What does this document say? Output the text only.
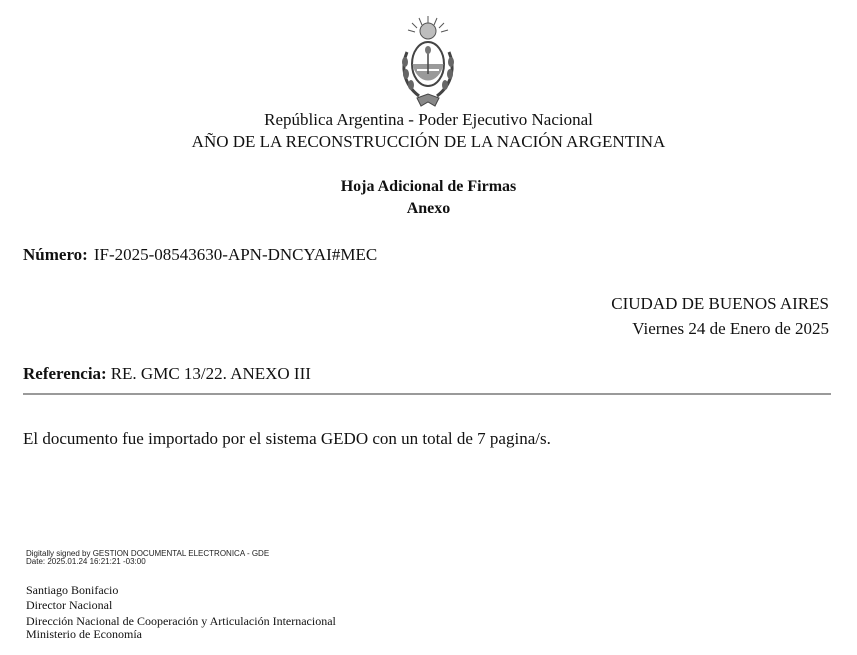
República Argentina - Poder Ejecutivo Nacional
AÑO DE LA RECONSTRUCCIÓN DE LA NACIÓN ARGENTINA
Hoja Adicional de Firmas
Anexo
Número: IF-2025-08543630-APN-DNCYAI#MEC
CIUDAD DE BUENOS AIRES
Viernes 24 de Enero de 2025
Referencia: RE. GMC 13/22. ANEXO III
El documento fue importado por el sistema GEDO con un total de 7 pagina/s.
Digitally signed by GESTION DOCUMENTAL ELECTRONICA - GDE
Date: 2025.01.24 16:21:21 -03:00
Santiago Bonifacio
Director Nacional
Dirección Nacional de Cooperación y Articulación Internacional
Ministerio de Economía
